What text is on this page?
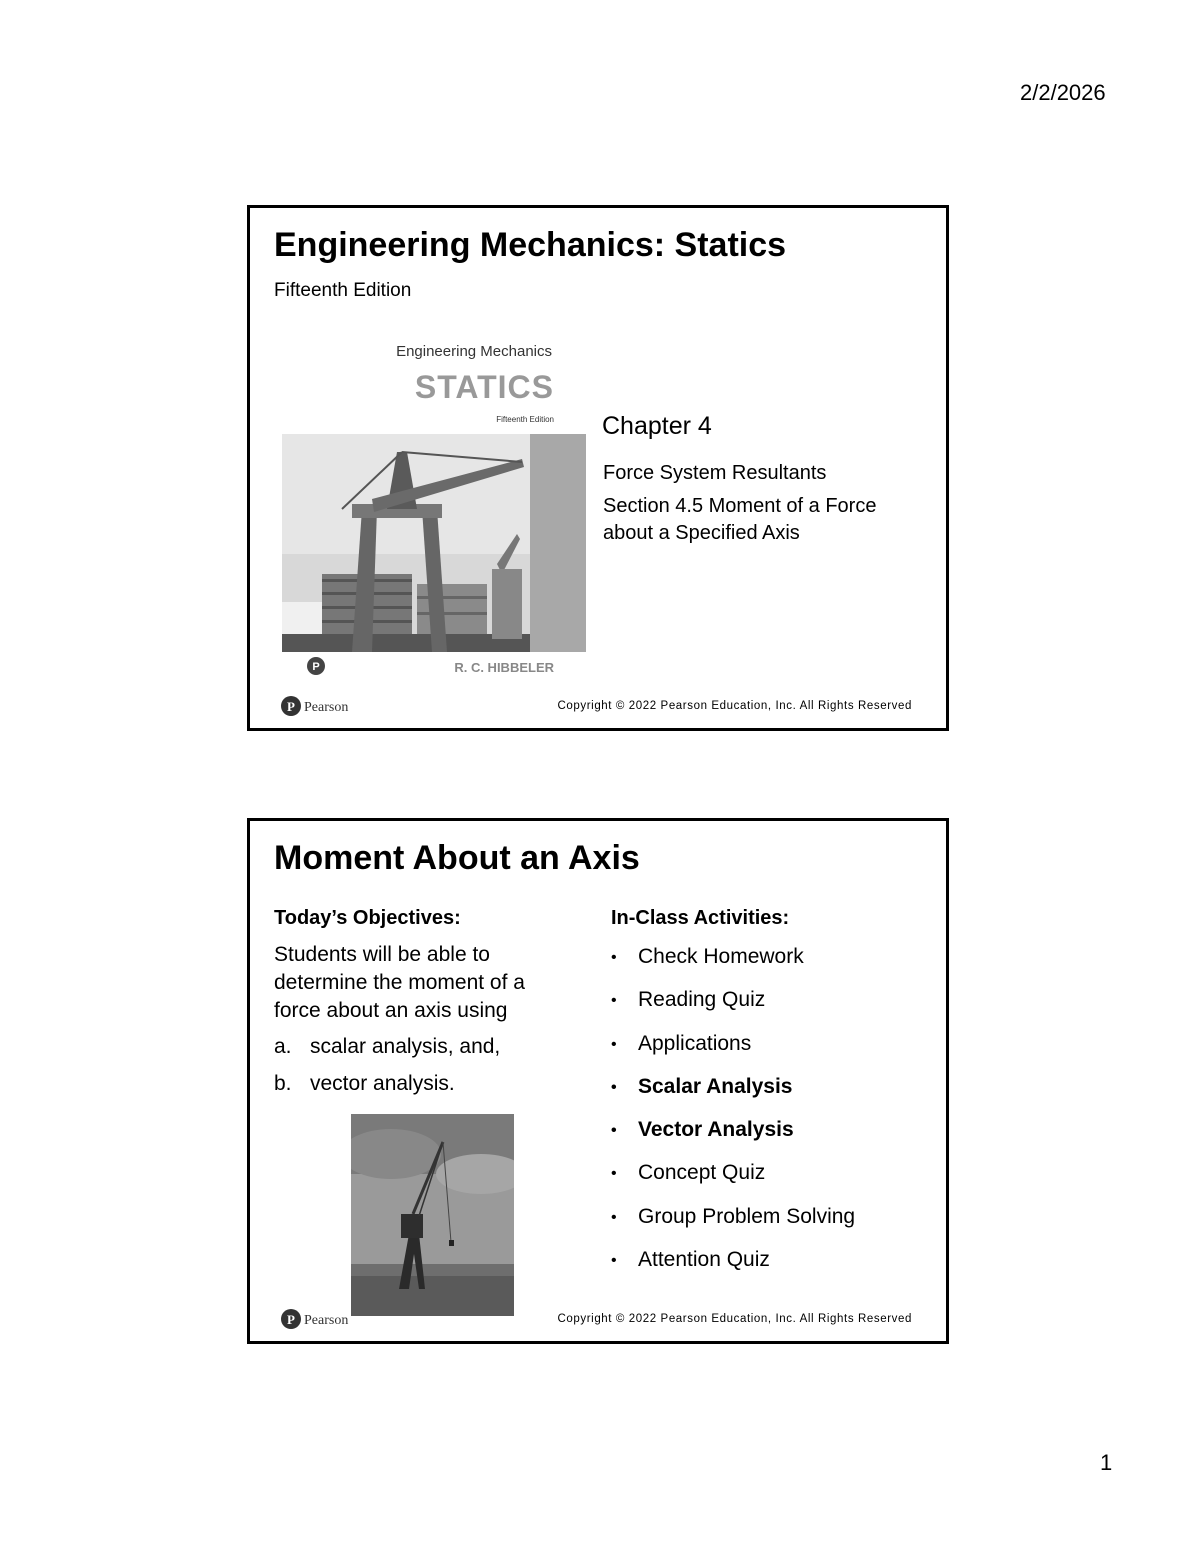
2/2/2026
Engineering Mechanics: Statics
Fifteenth Edition
Engineering Mechanics
STATICS
Fifteenth Edition
P	R. C. HIBBELER
Chapter 4
Force System Resultants
Section 4.5 Moment of a Force
about a Specified Axis
P Pearson	Copyright © 2022 Pearson Education, Inc. All Rights Reserved
Moment About an Axis
Today’s Objectives:
Students will be able to determine the moment of a force about an axis using
a. scalar analysis, and,
b. vector analysis.
In-Class Activities:
• Check Homework
• Reading Quiz
• Applications
• Scalar Analysis
• Vector Analysis
• Concept Quiz
• Group Problem Solving
• Attention Quiz
P Pearson	Copyright © 2022 Pearson Education, Inc. All Rights Reserved
1
